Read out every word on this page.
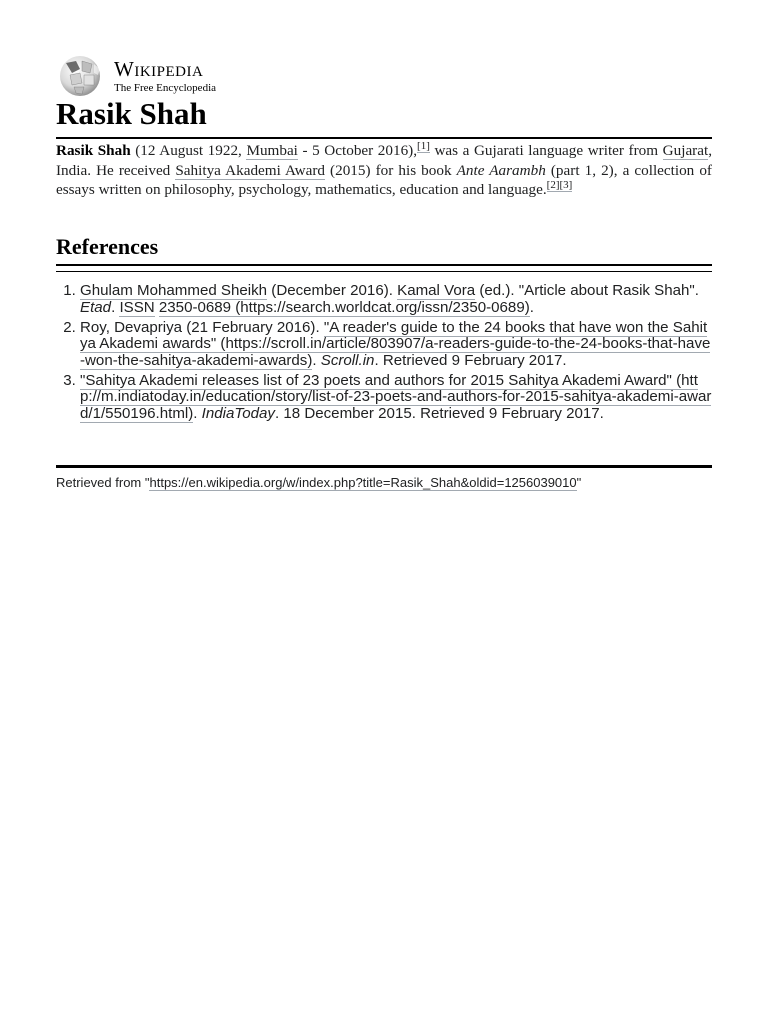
Wikipedia
The Free Encyclopedia
Rasik Shah

Rasik Shah (12 August 1922, Mumbai - 5 October 2016),[1] was a Gujarati language writer from Gujarat, India. He received Sahitya Akademi Award (2015) for his book Ante Aarambh (part 1, 2), a collection of essays written on philosophy, psychology, mathematics, education and language.[2][3]

References
1. Ghulam Mohammed Sheikh (December 2016). Kamal Vora (ed.). "Article about Rasik Shah". Etad. ISSN 2350-0689 (https://search.worldcat.org/issn/2350-0689).
2. Roy, Devapriya (21 February 2016). "A reader's guide to the 24 books that have won the Sahitya Akademi awards" (https://scroll.in/article/803907/a-readers-guide-to-the-24-books-that-have-won-the-sahitya-akademi-awards). Scroll.in. Retrieved 9 February 2017.
3. "Sahitya Akademi releases list of 23 poets and authors for 2015 Sahitya Akademi Award" (http://m.indiatoday.in/education/story/list-of-23-poets-and-authors-for-2015-sahitya-akademi-award/1/550196.html). IndiaToday. 18 December 2015. Retrieved 9 February 2017.

Retrieved from "https://en.wikipedia.org/w/index.php?title=Rasik_Shah&oldid=1256039010"
